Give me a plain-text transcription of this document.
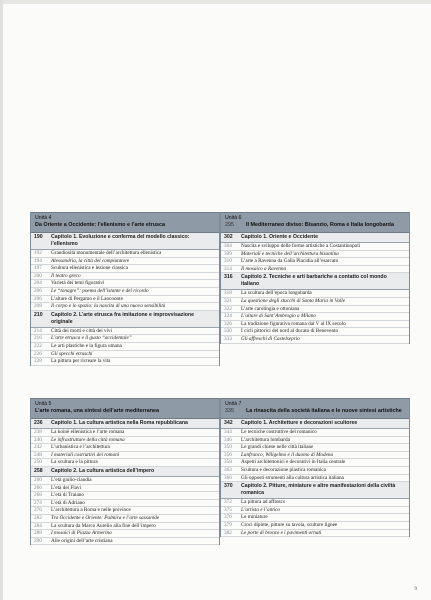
Unità 4
Da Oriente a Occidente: l’ellenismo e l’arte etrusca
190	Capitolo 1. Evoluzione e conferma del modello classico: l’ellenismo
192	Grandiosità monumentale dell’architettura ellenistica
194	Alessandria, la città del compiutatore
197	Scultura ellenistica e lezione classica
200	Il teatro greco
204	Varietà dei temi figurativi
206	Le “tonagre”: poema dell’istante e del ricordo
206	L’altare di Pergamo e il Laocoonte
208	Il corpo e lo spazio: la nascita di una nuova sensibilità
210	Capitolo 2. L’arte etrusca fra imitazione e improvvisazione originale
214	Città dei morti e città dei vivi
216	L’arte etrusca e il gusto “accidentale”
222	Le arti plastiche e la figura umana
226	Gli specchi etruschi
228	La pittura per ricreare la vita
Unità 6
295 Il Mediterraneo diviso: Bisanzio, Roma e Italia longobarda
302	Capitolo 1. Oriente e Occidente
304	Nascita e sviluppo delle forme artistiche a Costantinopoli
309	Materiali e tecniche dell’architettura bizantina
310	L’arte a Ravenna da Galla Placidia all’esarcato
314	Il mosaico a Ravenna
316	Capitolo 2. Tecniche e arti barbariche a contatto col mondo italiano
318	La scultura dell’epoca longobarda
321	La questione degli stucchi di Santa Maria in Valle
322	L’arte carolingia e ottoniana
324	L’altare di Sant’Ambrogio a Milano
326	La tradizione figurativa romana dal V al IX secolo
330	I cicli pittorici del nord al ducato di Benevento
333	Gli affreschi di Castelseprio
Unità 5
L’arte romana, una sintesi dell’arte mediterranea
236	Capitolo 1. La cultura artistica nella Roma repubblicana
238	La koinè ellenistica e l’arte romana
240	Le infrastrutture della città romana
242	L’urbanistica e l’architettura
248	I materiali costruttivi dei romani
250	La scultura e la pittura
258	Capitolo 2. La cultura artistica dell’impero
260	L’età giulio-claudia
266	L’età dei Flavi
268	L’età di Traiano
274	L’età di Adriano
276	L’architettura a Roma e nelle province
282	Tra Occidente e Oriente: Palmira e l’arte sassanide
284	La scultura da Marco Aurelio alla fine dell’impero
288	I mosaici di Piazza Armerina
290	Alle origini dell’arte cristiana
Unità 7
335 La rinascita della società italiana e le nuove sintesi artistiche
342	Capitolo 1. Architetture e decorazioni scultoree
344	Le tecniche costruttive del romanico
346	L’architettura lombarda
350	Le grandi chiese nelle città italiane
356	Lanfranco, Wiligelmo e il duomo di Modena
358	Aspetti architettonici e decorativi in Italia centrale
363	Scultura e decorazione plastica romanica
366	Gli opposti strumenti alla cultura artistica italiana
370	Capitolo 2. Pitture, miniature e altre manifestazioni della civiltà romanica
372	La pittura ad affresco
375	L’artista e l’antico
376	Le miniature
379	Croci dipinte, pitture su tavola, sculture lignee
382	Le porte di bronzo e i pavimenti ornati
9
